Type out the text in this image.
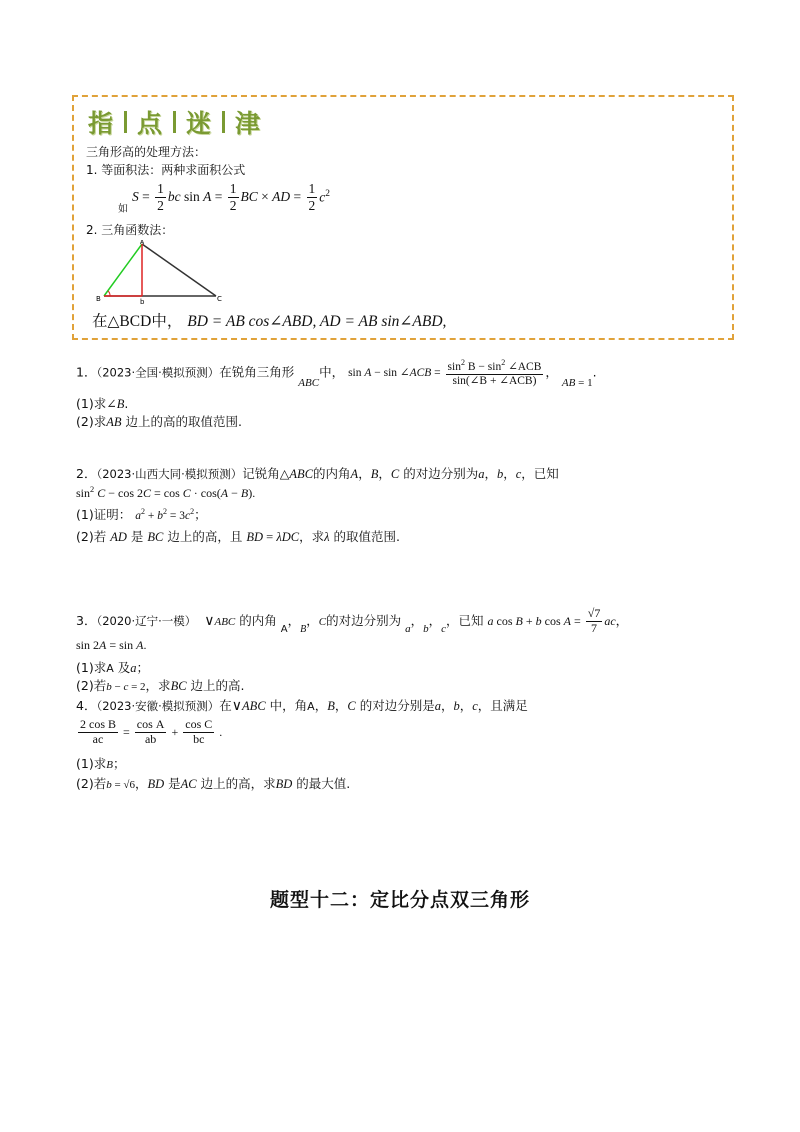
指 点 迷 津
三角形高的处理方法：
1. 等面积法：两种求面积公式
如
$S = \frac{1}{2}$ bc $\sin A = \frac{1}{2}$ BC × AD = $\frac{1}{2} c^2$
2. 三角函数法：
B	b	C
A
在△BCD中， BD = AB cos∠ABD, AD = AB sin∠ABD,
1．（2023·全国·模拟预测）在锐角三角形 ABC中， sin A − sin ∠ ACB = $\frac{\sin^2 B - \sin^2 \angle ACB}{\text{sin(∠B + ∠ACB)}}$ ， AB = 1.
(1)求∠B.
(2)求AB 边上的高的取值范围.
2．（2023·山西大同·模拟预测）记锐角△ABC的内角A，B，C 的对边分别为a，b，c，已知
$\sin^2 C - \cos 2C = \cos C \cdot \cos(A - B)$.
(1)证明： $a^2 + b^2 = 3c^2$；
(2)若 AD 是 BC 边上的高，且 BD = λDC，求λ 的取值范围.
3．（2020·辽宁·一模） ∨ABC 的内角 $_A$，$_B$，C的对边分别为 a，b，c，已知 a cos B + b cos A =
$\frac{√7}{7}$ ac，
sin 2A = sin A.
(1)求A 及a；
(2)若b − c = 2，求BC 边上的高.
4．（2023·安徽·模拟预测）在∨ABC 中，角A，B，C 的对边分别是a，b，c，且满足
$\frac{\text{2 cos B}}{ac} = \frac{\text{cos A}}{ab} + \frac{\text{cos C}}{bc}$ .
(1)求B；
(2)若b = √6，BD 是AC 边上的高，求BD 的最大值.
题型十二：定比分点双三角形
